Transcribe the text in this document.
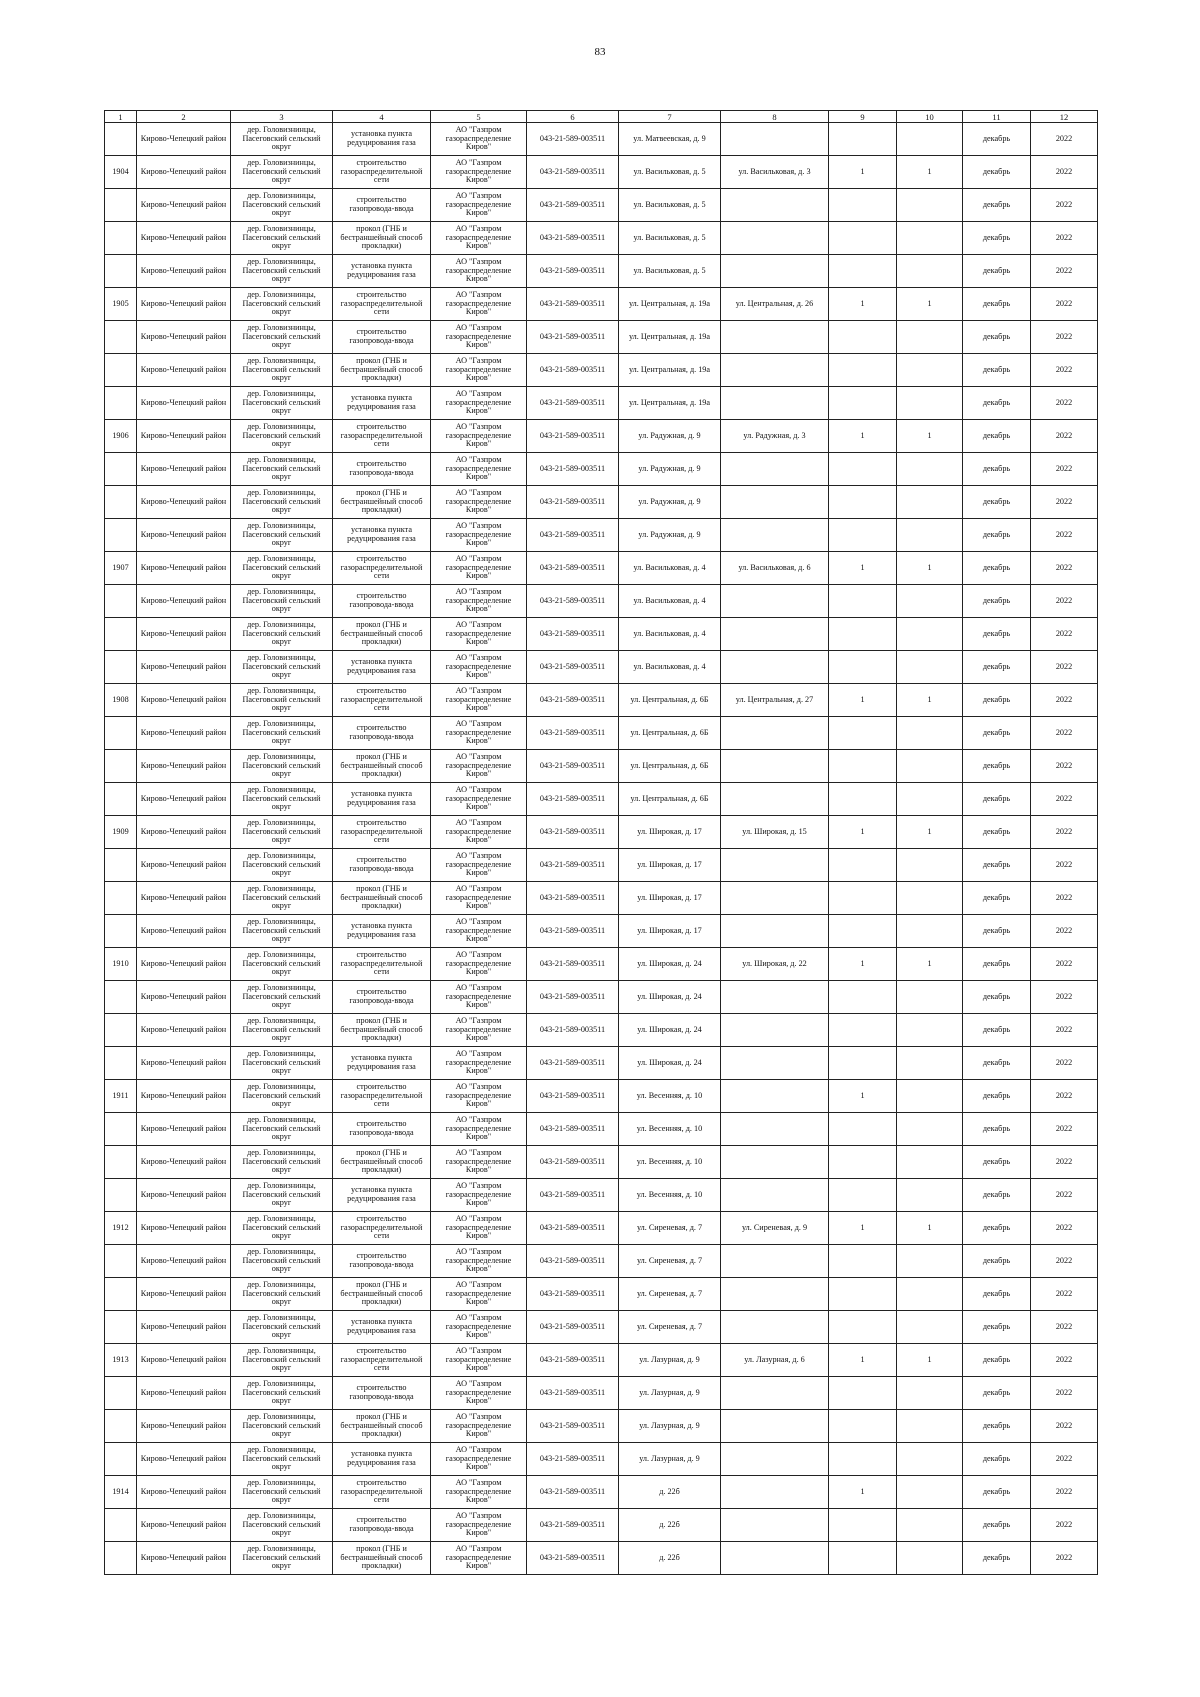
83
1	2	3	4	5	6	7	8	9	10	11	12

	Кирово-Чепецкий район	дер. Головизнинцы, Пасеговский сельский округ	установка пункта редуцирования газа	АО "Газпром газораспределение Киров"	043-21-589-003511	ул. Матвеевская, д. 9				декабрь	2022

1904	Кирово-Чепецкий район	дер. Головизнинцы, Пасеговский сельский округ	строительство газораспределительной сети	АО "Газпром газораспределение Киров"	043-21-589-003511	ул. Васильковая, д. 5	ул. Васильковая, д. 3	1	1	декабрь	2022

	Кирово-Чепецкий район	дер. Головизнинцы, Пасеговский сельский округ	строительство газопровода-ввода	АО "Газпром газораспределение Киров"	043-21-589-003511	ул. Васильковая, д. 5				декабрь	2022

	Кирово-Чепецкий район	дер. Головизнинцы, Пасеговский сельский округ	прокол (ГНБ и бестраншейный способ прокладки)	АО "Газпром газораспределение Киров"	043-21-589-003511	ул. Васильковая, д. 5				декабрь	2022

	Кирово-Чепецкий район	дер. Головизнинцы, Пасеговский сельский округ	установка пункта редуцирования газа	АО "Газпром газораспределение Киров"	043-21-589-003511	ул. Васильковая, д. 5				декабрь	2022

1905	Кирово-Чепецкий район	дер. Головизнинцы, Пасеговский сельский округ	строительство газораспределительной сети	АО "Газпром газораспределение Киров"	043-21-589-003511	ул. Центральная, д. 19а	ул. Центральная, д. 26	1	1	декабрь	2022

	Кирово-Чепецкий район	дер. Головизнинцы, Пасеговский сельский округ	строительство газопровода-ввода	АО "Газпром газораспределение Киров"	043-21-589-003511	ул. Центральная, д. 19а				декабрь	2022

	Кирово-Чепецкий район	дер. Головизнинцы, Пасеговский сельский округ	прокол (ГНБ и бестраншейный способ прокладки)	АО "Газпром газораспределение Киров"	043-21-589-003511	ул. Центральная, д. 19а				декабрь	2022

	Кирово-Чепецкий район	дер. Головизнинцы, Пасеговский сельский округ	установка пункта редуцирования газа	АО "Газпром газораспределение Киров"	043-21-589-003511	ул. Центральная, д. 19а				декабрь	2022

1906	Кирово-Чепецкий район	дер. Головизнинцы, Пасеговский сельский округ	строительство газораспределительной сети	АО "Газпром газораспределение Киров"	043-21-589-003511	ул. Радужная, д. 9	ул. Радужная, д. 3	1	1	декабрь	2022

	Кирово-Чепецкий район	дер. Головизнинцы, Пасеговский сельский округ	строительство газопровода-ввода	АО "Газпром газораспределение Киров"	043-21-589-003511	ул. Радужная, д. 9				декабрь	2022

	Кирово-Чепецкий район	дер. Головизнинцы, Пасеговский сельский округ	прокол (ГНБ и бестраншейный способ прокладки)	АО "Газпром газораспределение Киров"	043-21-589-003511	ул. Радужная, д. 9				декабрь	2022

	Кирово-Чепецкий район	дер. Головизнинцы, Пасеговский сельский округ	установка пункта редуцирования газа	АО "Газпром газораспределение Киров"	043-21-589-003511	ул. Радужная, д. 9				декабрь	2022

1907	Кирово-Чепецкий район	дер. Головизнинцы, Пасеговский сельский округ	строительство газораспределительной сети	АО "Газпром газораспределение Киров"	043-21-589-003511	ул. Васильковая, д. 4	ул. Васильковая, д. 6	1	1	декабрь	2022

	Кирово-Чепецкий район	дер. Головизнинцы, Пасеговский сельский округ	строительство газопровода-ввода	АО "Газпром газораспределение Киров"	043-21-589-003511	ул. Васильковая, д. 4				декабрь	2022

	Кирово-Чепецкий район	дер. Головизнинцы, Пасеговский сельский округ	прокол (ГНБ и бестраншейный способ прокладки)	АО "Газпром газораспределение Киров"	043-21-589-003511	ул. Васильковая, д. 4				декабрь	2022

	Кирово-Чепецкий район	дер. Головизнинцы, Пасеговский сельский округ	установка пункта редуцирования газа	АО "Газпром газораспределение Киров"	043-21-589-003511	ул. Васильковая, д. 4				декабрь	2022

1908	Кирово-Чепецкий район	дер. Головизнинцы, Пасеговский сельский округ	строительство газораспределительной сети	АО "Газпром газораспределение Киров"	043-21-589-003511	ул. Центральная, д. 6Б	ул. Центральная, д. 27	1	1	декабрь	2022

	Кирово-Чепецкий район	дер. Головизнинцы, Пасеговский сельский округ	строительство газопровода-ввода	АО "Газпром газораспределение Киров"	043-21-589-003511	ул. Центральная, д. 6Б				декабрь	2022

	Кирово-Чепецкий район	дер. Головизнинцы, Пасеговский сельский округ	прокол (ГНБ и бестраншейный способ прокладки)	АО "Газпром газораспределение Киров"	043-21-589-003511	ул. Центральная, д. 6Б				декабрь	2022

	Кирово-Чепецкий район	дер. Головизнинцы, Пасеговский сельский округ	установка пункта редуцирования газа	АО "Газпром газораспределение Киров"	043-21-589-003511	ул. Центральная, д. 6Б				декабрь	2022

1909	Кирово-Чепецкий район	дер. Головизнинцы, Пасеговский сельский округ	строительство газораспределительной сети	АО "Газпром газораспределение Киров"	043-21-589-003511	ул. Широкая, д. 17	ул. Широкая, д. 15	1	1	декабрь	2022

	Кирово-Чепецкий район	дер. Головизнинцы, Пасеговский сельский округ	строительство газопровода-ввода	АО "Газпром газораспределение Киров"	043-21-589-003511	ул. Широкая, д. 17				декабрь	2022

	Кирово-Чепецкий район	дер. Головизнинцы, Пасеговский сельский округ	прокол (ГНБ и бестраншейный способ прокладки)	АО "Газпром газораспределение Киров"	043-21-589-003511	ул. Широкая, д. 17				декабрь	2022

	Кирово-Чепецкий район	дер. Головизнинцы, Пасеговский сельский округ	установка пункта редуцирования газа	АО "Газпром газораспределение Киров"	043-21-589-003511	ул. Широкая, д. 17				декабрь	2022

1910	Кирово-Чепецкий район	дер. Головизнинцы, Пасеговский сельский округ	строительство газораспределительной сети	АО "Газпром газораспределение Киров"	043-21-589-003511	ул. Широкая, д. 24	ул. Широкая, д. 22	1	1	декабрь	2022

	Кирово-Чепецкий район	дер. Головизнинцы, Пасеговский сельский округ	строительство газопровода-ввода	АО "Газпром газораспределение Киров"	043-21-589-003511	ул. Широкая, д. 24				декабрь	2022

	Кирово-Чепецкий район	дер. Головизнинцы, Пасеговский сельский округ	прокол (ГНБ и бестраншейный способ прокладки)	АО "Газпром газораспределение Киров"	043-21-589-003511	ул. Широкая, д. 24				декабрь	2022

	Кирово-Чепецкий район	дер. Головизнинцы, Пасеговский сельский округ	установка пункта редуцирования газа	АО "Газпром газораспределение Киров"	043-21-589-003511	ул. Широкая, д. 24				декабрь	2022

1911	Кирово-Чепецкий район	дер. Головизнинцы, Пасеговский сельский округ	строительство газораспределительной сети	АО "Газпром газораспределение Киров"	043-21-589-003511	ул. Весенняя, д. 10		1		декабрь	2022

	Кирово-Чепецкий район	дер. Головизнинцы, Пасеговский сельский округ	строительство газопровода-ввода	АО "Газпром газораспределение Киров"	043-21-589-003511	ул. Весенняя, д. 10				декабрь	2022

	Кирово-Чепецкий район	дер. Головизнинцы, Пасеговский сельский округ	прокол (ГНБ и бестраншейный способ прокладки)	АО "Газпром газораспределение Киров"	043-21-589-003511	ул. Весенняя, д. 10				декабрь	2022

	Кирово-Чепецкий район	дер. Головизнинцы, Пасеговский сельский округ	установка пункта редуцирования газа	АО "Газпром газораспределение Киров"	043-21-589-003511	ул. Весенняя, д. 10				декабрь	2022

1912	Кирово-Чепецкий район	дер. Головизнинцы, Пасеговский сельский округ	строительство газораспределительной сети	АО "Газпром газораспределение Киров"	043-21-589-003511	ул. Сиреневая, д. 7	ул. Сиреневая, д. 9	1	1	декабрь	2022

	Кирово-Чепецкий район	дер. Головизнинцы, Пасеговский сельский округ	строительство газопровода-ввода	АО "Газпром газораспределение Киров"	043-21-589-003511	ул. Сиреневая, д. 7				декабрь	2022

	Кирово-Чепецкий район	дер. Головизнинцы, Пасеговский сельский округ	прокол (ГНБ и бестраншейный способ прокладки)	АО "Газпром газораспределение Киров"	043-21-589-003511	ул. Сиреневая, д. 7				декабрь	2022

	Кирово-Чепецкий район	дер. Головизнинцы, Пасеговский сельский округ	установка пункта редуцирования газа	АО "Газпром газораспределение Киров"	043-21-589-003511	ул. Сиреневая, д. 7				декабрь	2022

1913	Кирово-Чепецкий район	дер. Головизнинцы, Пасеговский сельский округ	строительство газораспределительной сети	АО "Газпром газораспределение Киров"	043-21-589-003511	ул. Лазурная, д. 9	ул. Лазурная, д. 6	1	1	декабрь	2022

	Кирово-Чепецкий район	дер. Головизнинцы, Пасеговский сельский округ	строительство газопровода-ввода	АО "Газпром газораспределение Киров"	043-21-589-003511	ул. Лазурная, д. 9				декабрь	2022

	Кирово-Чепецкий район	дер. Головизнинцы, Пасеговский сельский округ	прокол (ГНБ и бестраншейный способ прокладки)	АО "Газпром газораспределение Киров"	043-21-589-003511	ул. Лазурная, д. 9				декабрь	2022

	Кирово-Чепецкий район	дер. Головизнинцы, Пасеговский сельский округ	установка пункта редуцирования газа	АО "Газпром газораспределение Киров"	043-21-589-003511	ул. Лазурная, д. 9				декабрь	2022

1914	Кирово-Чепецкий район	дер. Головизнинцы, Пасеговский сельский округ	строительство газораспределительной сети	АО "Газпром газораспределение Киров"	043-21-589-003511	д. 22б		1		декабрь	2022

	Кирово-Чепецкий район	дер. Головизнинцы, Пасеговский сельский округ	строительство газопровода-ввода	АО "Газпром газораспределение Киров"	043-21-589-003511	д. 22б				декабрь	2022

	Кирово-Чепецкий район	дер. Головизнинцы, Пасеговский сельский округ	прокол (ГНБ и бестраншейный способ прокладки)	АО "Газпром газораспределение Киров"	043-21-589-003511	д. 22б				декабрь	2022
